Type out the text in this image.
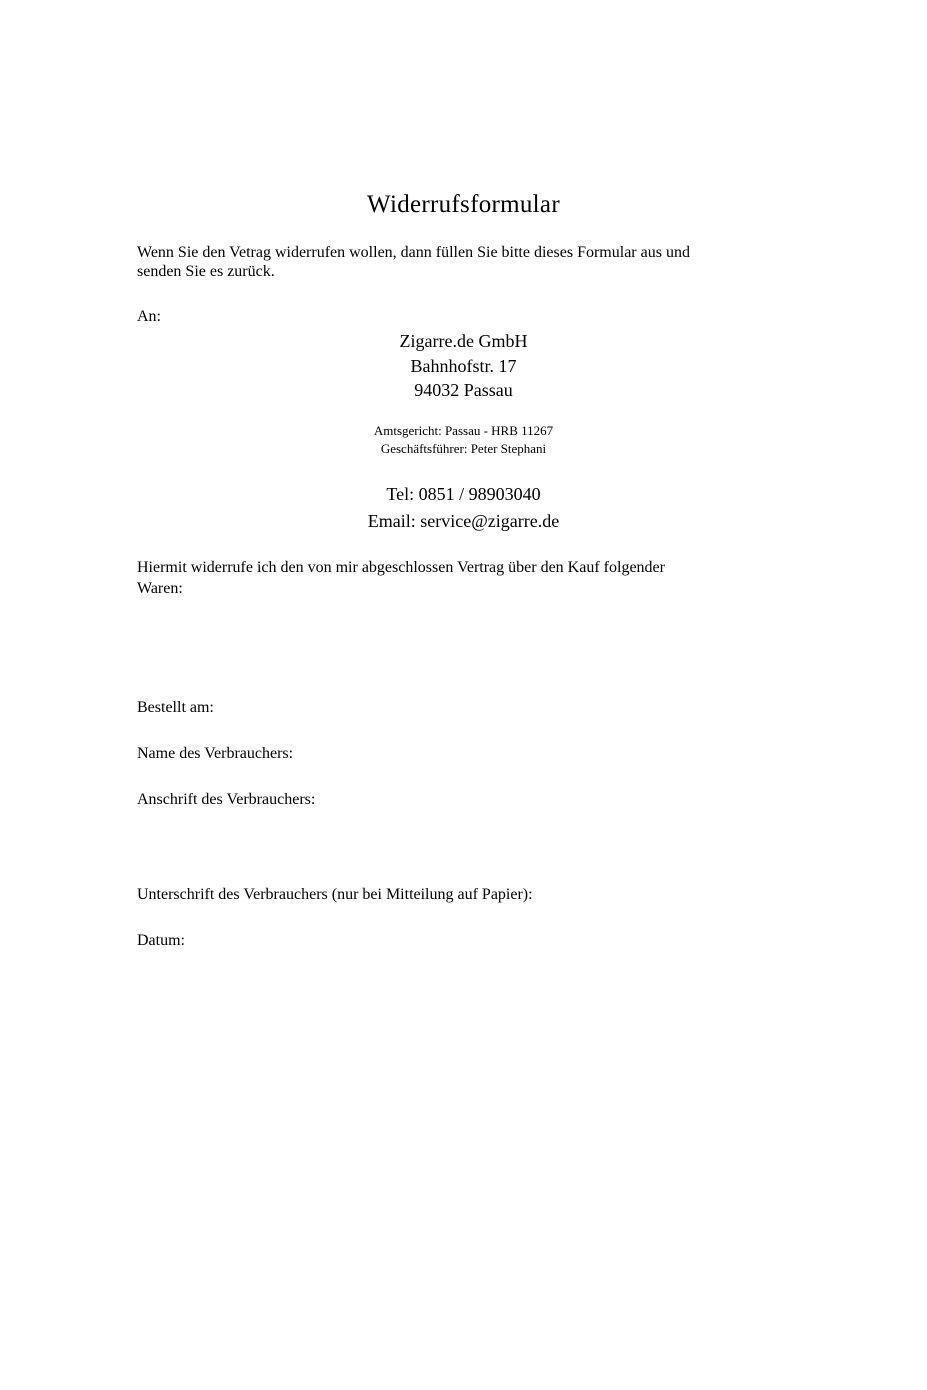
Widerrufsformular

Wenn Sie den Vetrag widerrufen wollen, dann füllen Sie bitte dieses Formular aus und
senden Sie es zurück.

An:

Zigarre.de GmbH
Bahnhofstr. 17
94032 Passau
Amtsgericht: Passau - HRB 11267
Geschäftsführer: Peter Stephani
Tel: 0851 / 98903040
Email: service@zigarre.de

Hiermit widerrufe ich den von mir abgeschlossen Vertrag über den Kauf folgender
Waren:

Bestellt am:

Name des Verbrauchers:

Anschrift des Verbrauchers:

Unterschrift des Verbrauchers (nur bei Mitteilung auf Papier):

Datum:
